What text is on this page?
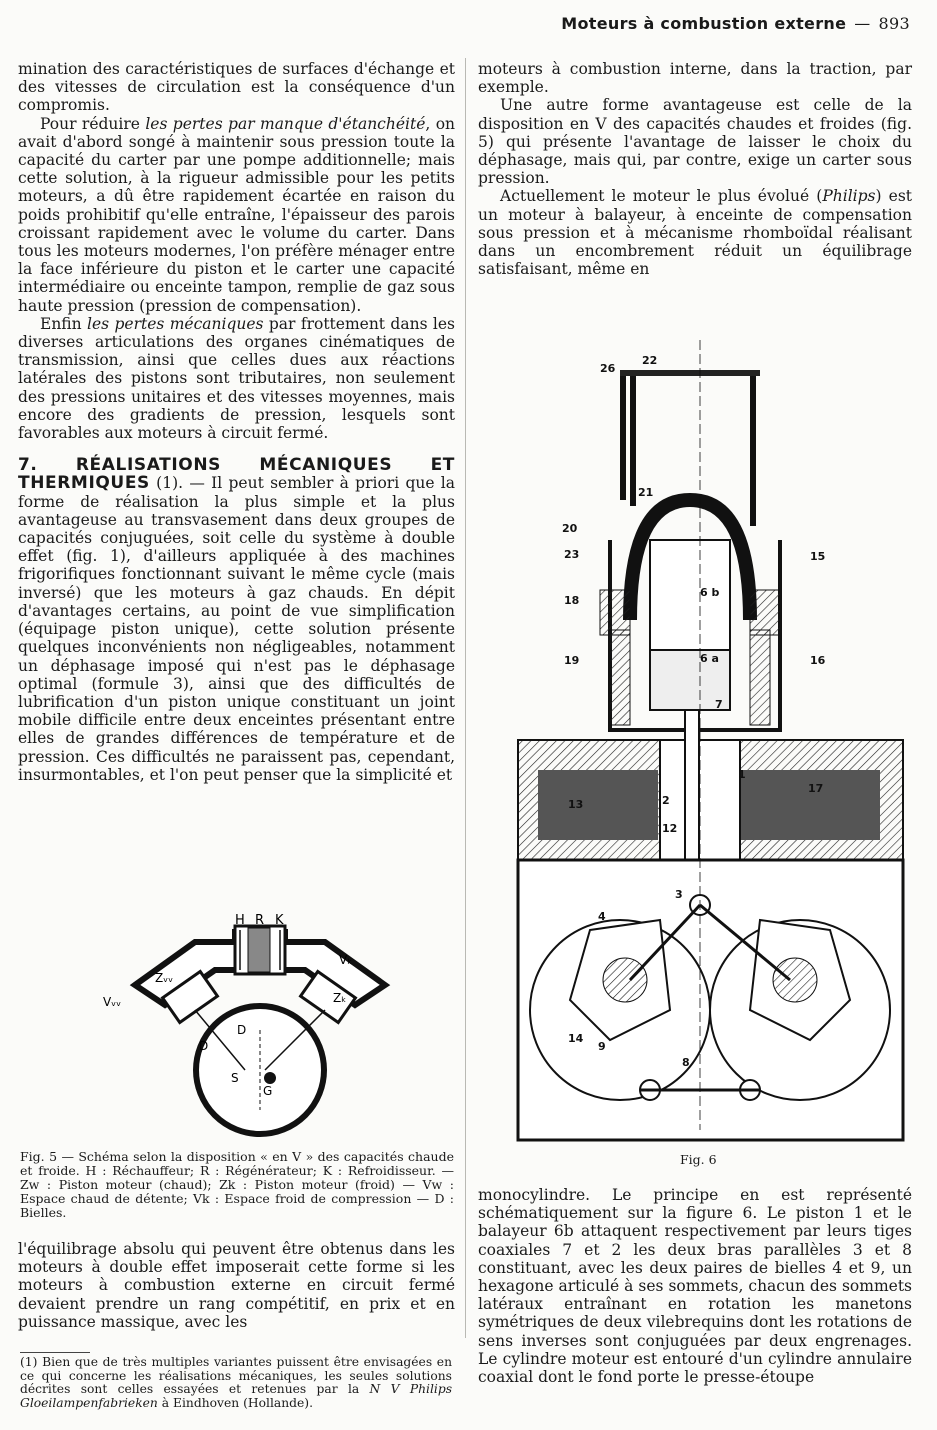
Moteurs à combustion externe — 893

mination des caractéristiques de surfaces d'échange et des vitesses de circulation est la conséquence d'un compromis.

Pour réduire les pertes par manque d'étanchéité, on avait d'abord songé à maintenir sous pression toute la capacité du carter par une pompe additionnelle; mais cette solution, à la rigueur admissible pour les petits moteurs, a dû être rapidement écartée en raison du poids prohibitif qu'elle entraîne, l'épaisseur des parois croissant rapidement avec le volume du carter. Dans tous les moteurs modernes, l'on préfère ménager entre la face inférieure du piston et le carter une capacité intermédiaire ou enceinte tampon, remplie de gaz sous haute pression (pression de compensation).

Enfin les pertes mécaniques par frottement dans les diverses articulations des organes cinématiques de transmission, ainsi que celles dues aux réactions latérales des pistons sont tributaires, non seulement des pressions unitaires et des vitesses moyennes, mais encore des gradients de pression, lesquels sont favorables aux moteurs à circuit fermé.

7. RÉALISATIONS MÉCANIQUES ET THERMIQUES (1). — Il peut sembler à priori que la forme de réalisation la plus simple et la plus avantageuse au transvasement dans deux groupes de capacités conjuguées, soit celle du système à double effet (fig. 1), d'ailleurs appliquée à des machines frigorifiques fonctionnant suivant le même cycle (mais inversé) que les moteurs à gaz chauds. En dépit d'avantages certains, au point de vue simplification (équipage piston unique), cette solution présente quelques inconvénients non négligeables, notamment un déphasage imposé qui n'est pas le déphasage optimal (formule 3), ainsi que des difficultés de lubrification d'un piston unique constituant un joint mobile difficile entre deux enceintes présentant entre elles de grandes différences de température et de pression. Ces difficultés ne paraissent pas, cependant, insurmontables, et l'on peut penser que la simplicité et

H R K
Vₖ
Vᵥᵥ
Zᵥᵥ
Zₖ
D
D
S
G
Fig. 5 — Schéma selon la disposition « en V » des capacités chaude et froide. H : Réchauffeur; R : Régénérateur; K : Refroidisseur. — Zw : Piston moteur (chaud); Zk : Piston moteur (froid) — Vw : Espace chaud de détente; Vk : Espace froid de compression — D : Bielles.

l'équilibrage absolu qui peuvent être obtenus dans les moteurs à double effet imposerait cette forme si les moteurs à combustion externe en circuit fermé devaient prendre un rang compétitif, en prix et en puissance massique, avec les

(1) Bien que de très multiples variantes puissent être envisagées en ce qui concerne les réalisations mécaniques, les seules solutions décrites sont celles essayées et retenues par la N V Philips Gloeilampenfabrieken à Eindhoven (Hollande).

moteurs à combustion interne, dans la traction, par exemple.

Une autre forme avantageuse est celle de la disposition en V des capacités chaudes et froides (fig. 5) qui présente l'avantage de laisser le choix du déphasage, mais qui, par contre, exige un carter sous pression.

Actuellement le moteur le plus évolué (Philips) est un moteur à balayeur, à enceinte de compensation sous pression et à mécanisme rhomboïdal réalisant dans un encombrement réduit un équilibrage satisfaisant, même en

26
22
21
20
23	15
6 b
18
19	6 a	16
7
1
17
13	2
12
3
4
14
9
8
Fig. 6

monocylindre. Le principe en est représenté schématiquement sur la figure 6. Le piston 1 et le balayeur 6b attaquent respectivement par leurs tiges coaxiales 7 et 2 les deux bras parallèles 3 et 8 constituant, avec les deux paires de bielles 4 et 9, un hexagone articulé à ses sommets, chacun des sommets latéraux entraînant en rotation les manetons symétriques de deux vilebrequins dont les rotations de sens inverses sont conjuguées par deux engrenages. Le cylindre moteur est entouré d'un cylindre annulaire coaxial dont le fond porte le presse-étoupe
